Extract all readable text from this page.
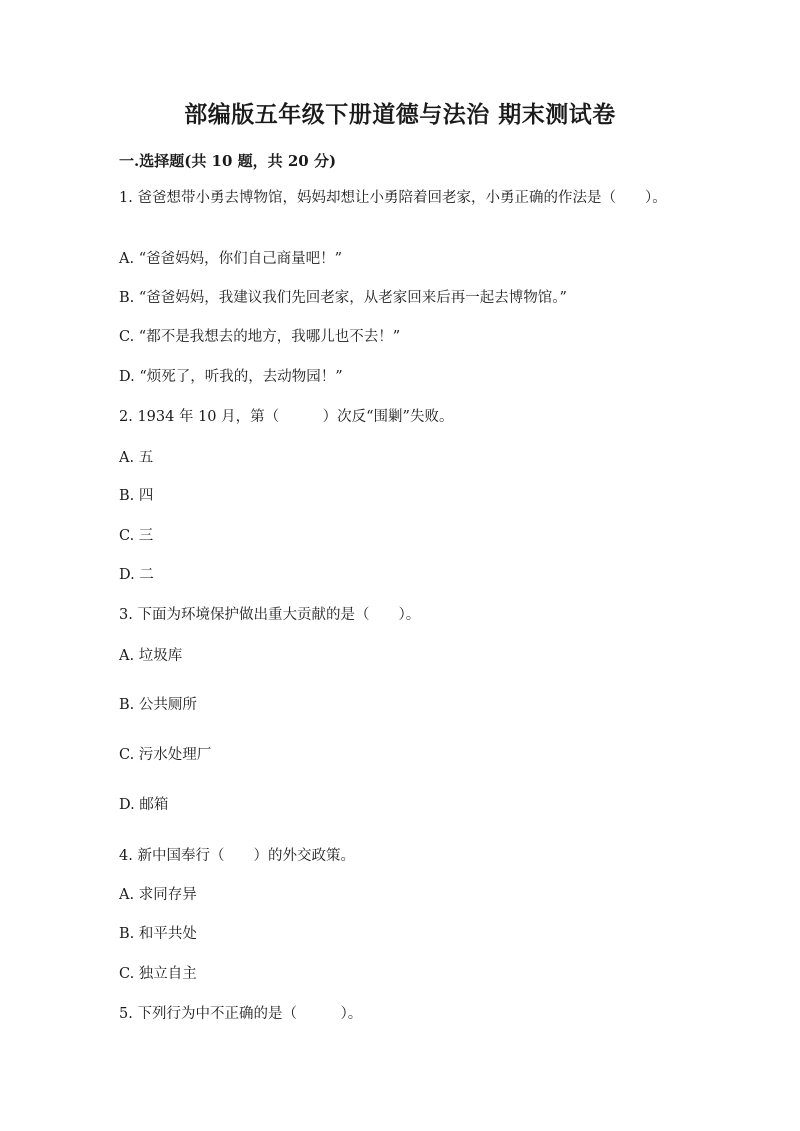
部编版五年级下册道德与法治 期末测试卷
一.选择题(共 10 题，共 20 分)
1. 爸爸想带小勇去博物馆，妈妈却想让小勇陪着回老家，小勇正确的作法是（　　）。
A. “爸爸妈妈，你们自己商量吧！”
B. “爸爸妈妈，我建议我们先回老家，从老家回来后再一起去博物馆。”
C. “都不是我想去的地方，我哪儿也不去！”
D. “烦死了，听我的，去动物园！”
2. 1934 年 10 月，第（　　　）次反“围剿”失败。
A. 五
B. 四
C. 三
D. 二
3. 下面为环境保护做出重大贡献的是（　　）。
A. 垃圾库
B. 公共厕所
C. 污水处理厂
D. 邮箱
4. 新中国奉行（　　）的外交政策。
A. 求同存异
B. 和平共处
C. 独立自主
5. 下列行为中不正确的是（　　　）。
